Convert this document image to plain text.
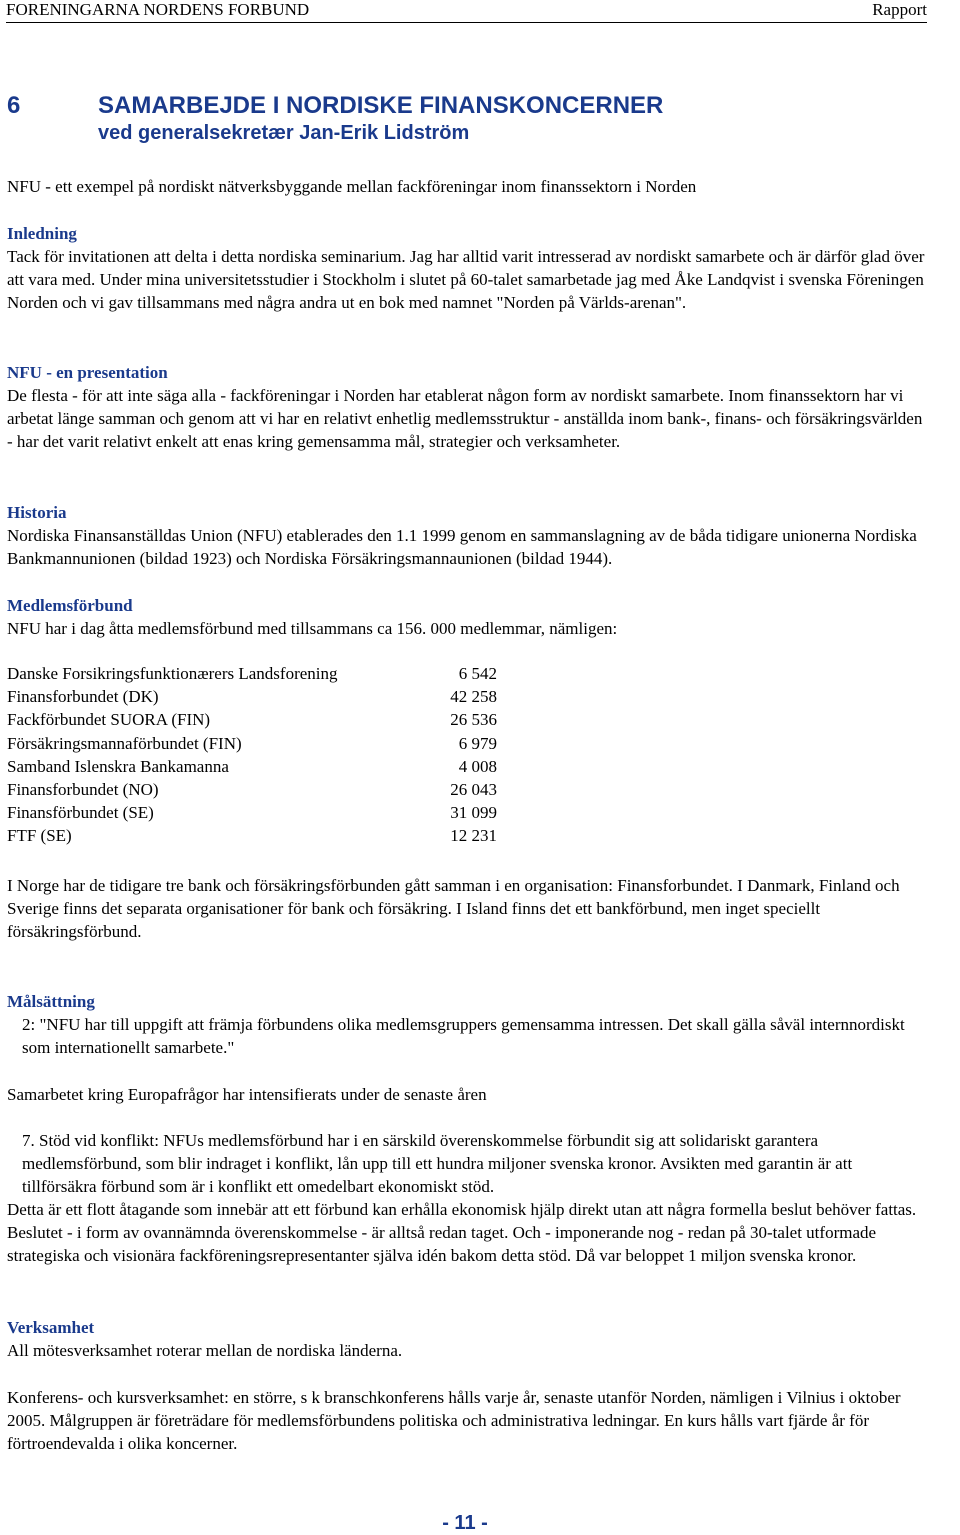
FORENINGARNA NORDENS FORBUND	Rapport
6	SAMARBEJDE I NORDISKE FINANSKONCERNER
ved generalsekretær Jan-Erik Lidström

NFU - ett exempel på nordiskt nätverksbyggande mellan fackföreningar inom finanssektorn i Norden

Inledning
Tack för invitationen att delta i detta nordiska seminarium. Jag har alltid varit intresserad av nordiskt samarbete och är därför glad över att vara med. Under mina universitetsstudier i Stockholm i slutet på 60-talet samarbetade jag med Åke Landqvist i svenska Föreningen Norden och vi gav tillsammans med några andra ut en bok med namnet "Norden på Världs-arenan".
NFU - en presentation
De flesta - för att inte säga alla - fackföreningar i Norden har etablerat någon form av nordiskt samarbete. Inom finanssektorn har vi arbetat länge samman och genom att vi har en relativt enhetlig medlemsstruktur - anställda inom bank-, finans- och försäkringsvärlden - har det varit relativt enkelt att enas kring gemensamma mål, strategier och verksamheter.
Historia
Nordiska Finansanställdas Union (NFU) etablerades den 1.1 1999 genom en sammanslagning av de båda tidigare unionerna Nordiska Bankmannunionen (bildad 1923) och Nordiska Försäkringsmannaunionen (bildad 1944).
Medlemsförbund
NFU har i dag åtta medlemsförbund med tillsammans ca 156. 000 medlemmar, nämligen:
Danske Forsikringsfunktionærers Landsforening	6 542
Finansforbundet (DK)	42 258
Fackförbundet SUORA (FIN)	26 536
Försäkringsmannaförbundet (FIN)	6 979
Samband Islenskra Bankamanna	4 008
Finansforbundet (NO)	26 043
Finansförbundet (SE)	31 099
FTF (SE)	12 231

I Norge har de tidigare tre bank och försäkringsförbunden gått samman i en organisation: Finansforbundet. I Danmark, Finland och Sverige finns det separata organisationer för bank och försäkring. I Island finns det ett bankförbund, men inget speciellt försäkringsförbund.

Målsättning
2: "NFU har till uppgift att främja förbundens olika medlemsgruppers gemensamma intressen. Det skall gälla såväl internnordiskt som internationellt samarbete."

Samarbetet kring Europafrågor har intensifierats under de senaste åren

7. Stöd vid konflikt: NFUs medlemsförbund har i en särskild överenskommelse förbundit sig att solidariskt garantera medlemsförbund, som blir indraget i konflikt, lån upp till ett hundra miljoner svenska kronor. Avsikten med garantin är att tillförsäkra förbund som är i konflikt ett omedelbart ekonomiskt stöd.

Detta är ett flott åtagande som innebär att ett förbund kan erhålla ekonomisk hjälp direkt utan att några formella beslut behöver fattas. Beslutet - i form av ovannämnda överenskommelse - är alltså redan taget. Och - imponerande nog - redan på 30-talet utformade strategiska och visionära fackföreningsrepresentanter själva idén bakom detta stöd. Då var beloppet 1 miljon svenska kronor.

Verksamhet
All mötesverksamhet roterar mellan de nordiska länderna.

Konferens- och kursverksamhet: en större, s k branschkonferens hålls varje år, senaste utanför Norden, nämligen i Vilnius i oktober 2005. Målgruppen är företrädare för medlemsförbundens politiska och administrativa ledningar. En kurs hålls vart fjärde år för förtroendevalda i olika koncerner.

- 11 -
